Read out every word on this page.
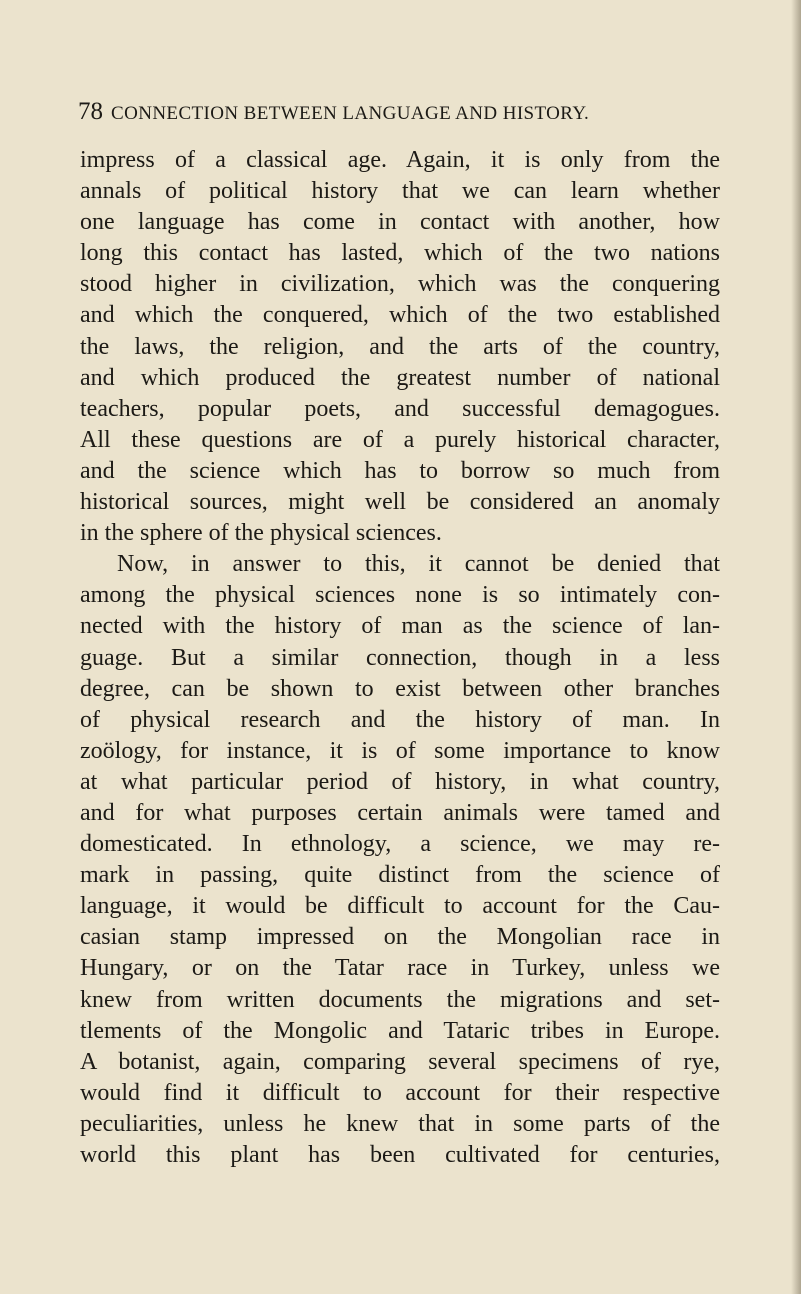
78 CONNECTION BETWEEN LANGUAGE AND HISTORY.
impress of a classical age. Again, it is only from the
annals of political history that we can learn whether
one language has come in contact with another, how
long this contact has lasted, which of the two nations
stood higher in civilization, which was the conquering
and which the conquered, which of the two established
the laws, the religion, and the arts of the country,
and which produced the greatest number of national
teachers, popular poets, and successful demagogues.
All these questions are of a purely historical character,
and the science which has to borrow so much from
historical sources, might well be considered an anomaly
in the sphere of the physical sciences.
Now, in answer to this, it cannot be denied that
among the physical sciences none is so intimately con-
nected with the history of man as the science of lan-
guage. But a similar connection, though in a less
degree, can be shown to exist between other branches
of physical research and the history of man. In
zoölogy, for instance, it is of some importance to know
at what particular period of history, in what country,
and for what purposes certain animals were tamed and
domesticated. In ethnology, a science, we may re-
mark in passing, quite distinct from the science of
language, it would be difficult to account for the Cau-
casian stamp impressed on the Mongolian race in
Hungary, or on the Tatar race in Turkey, unless we
knew from written documents the migrations and set-
tlements of the Mongolic and Tataric tribes in Europe.
A botanist, again, comparing several specimens of rye,
would find it difficult to account for their respective
peculiarities, unless he knew that in some parts of the
world this plant has been cultivated for centuries,
